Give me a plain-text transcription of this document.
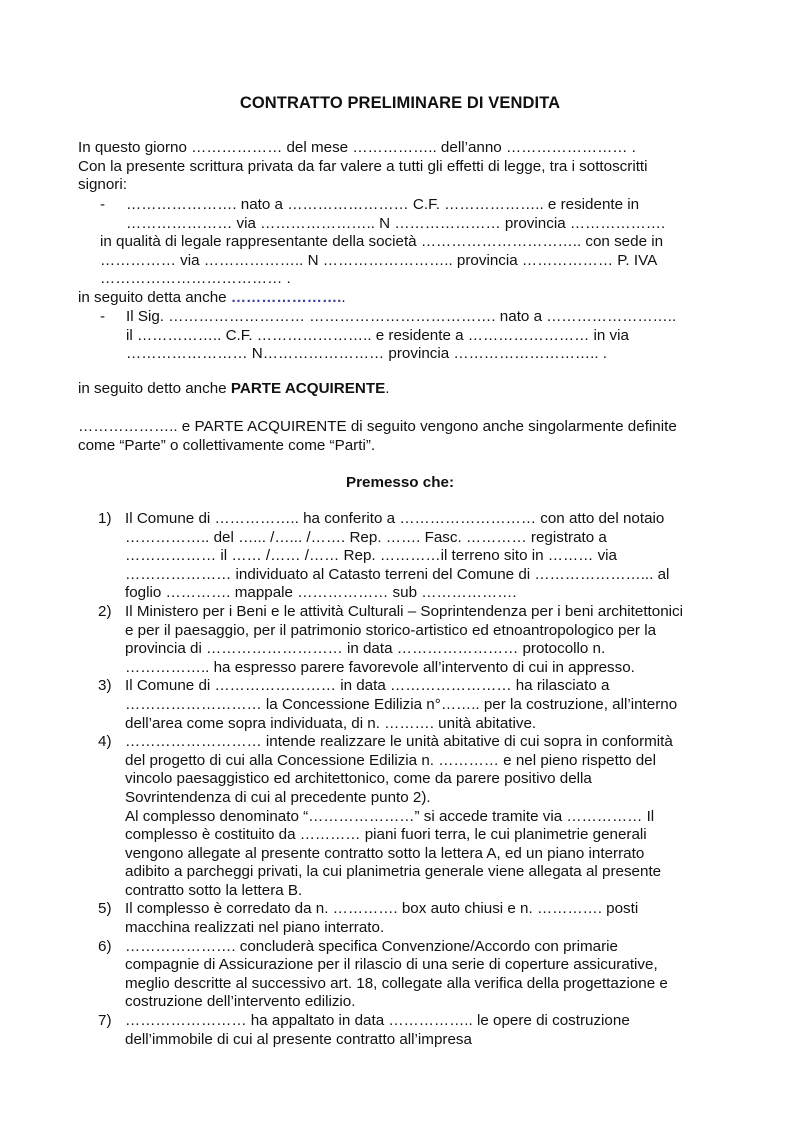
CONTRATTO PRELIMINARE DI VENDITA
In questo giorno ……………… del mese …………….. dell’anno …………………… .
Con la presente scrittura privata da far valere a tutti gli effetti di legge, tra i sottoscritti
signori:
-	…………………. nato a …………………… C.F. ……………….. e residente in
………………… via ………………….. N ………………… provincia ……………….
in qualità di legale rappresentante della società ………………………….. con sede in
…………… via ……………….. N …………………….. provincia ……………… P. IVA
……………………………… .
in seguito detta anche …………………..
-	Il Sig. ……………………… ………………………………. nato a ……………………..
il …………….. C.F. ………………….. e residente a …………………… in via
…………………… N…………………… provincia ……………………….. .
in seguito detto anche PARTE ACQUIRENTE.
……………….. e PARTE ACQUIRENTE di seguito vengono anche singolarmente definite
come “Parte” o collettivamente come “Parti”.
Premesso che:
1) Il Comune di …………….. ha conferito a ……………………… con atto del notaio
…………….. del …... /…... /……. Rep. ……. Fasc. ………… registrato a
……………… il …… /…… /…… Rep. …………il terreno sito in ……… via
………………… individuato al Catasto terreni del Comune di …………………... al
foglio …………. mappale ……………… sub ……………….
2) Il Ministero per i Beni e le attività Culturali – Soprintendenza per i beni architettonici
e per il paesaggio, per il patrimonio storico-artistico ed etnoantropologico per la
provincia di ……………………… in data …………………… protocollo n.
…………….. ha espresso parere favorevole all’intervento di cui in appresso.
3) Il Comune di …………………… in data …………………… ha rilasciato a
……………………… la Concessione Edilizia n°…….. per la costruzione, all’interno
dell’area come sopra individuata, di n. ………. unità abitative.
4) ……………………… intende realizzare le unità abitative di cui sopra in conformità
del progetto di cui alla Concessione Edilizia n. ………… e nel pieno rispetto del
vincolo paesaggistico ed architettonico, come da parere positivo della
Sovrintendenza di cui al precedente punto 2).
Al complesso denominato “…………………” si accede tramite via …………… Il
complesso è costituito da ………… piani fuori terra, le cui planimetrie generali
vengono allegate al presente contratto sotto la lettera A, ed un piano interrato
adibito a parcheggi privati, la cui planimetria generale viene allegata al presente
contratto sotto la lettera B.
5) Il complesso è corredato da n. …………. box auto chiusi e n. …………. posti
macchina realizzati nel piano interrato.
6) …………………. concluderà specifica Convenzione/Accordo con primarie
compagnie di Assicurazione per il rilascio di una serie di coperture assicurative,
meglio descritte al successivo art. 18, collegate alla verifica della progettazione e
costruzione dell’intervento edilizio.
7) …………………… ha appaltato in data …………….. le opere di costruzione
dell’immobile di cui al presente contratto all’impresa
